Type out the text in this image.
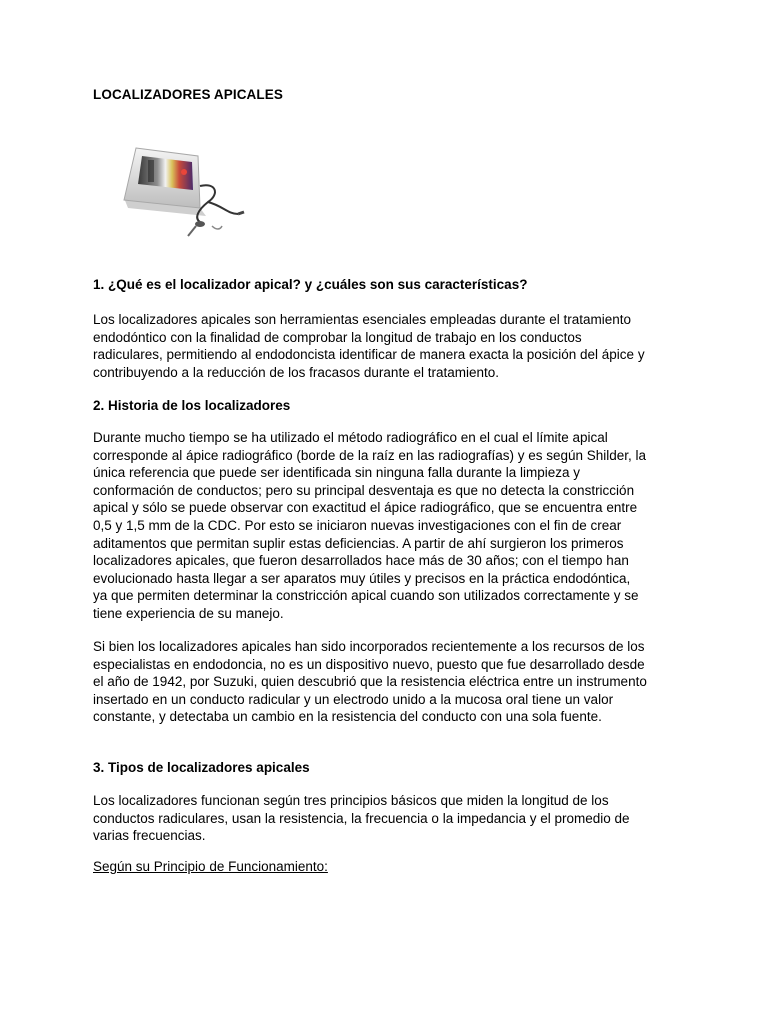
LOCALIZADORES APICALES
1. ¿Qué es el localizador apical? y ¿cuáles son sus características?

Los localizadores apicales son herramientas esenciales empleadas durante el tratamiento
endodóntico con la finalidad de comprobar la longitud de trabajo en los conductos
radiculares, permitiendo al endodoncista identificar de manera exacta la posición del ápice y
contribuyendo a la reducción de los fracasos durante el tratamiento.

2. Historia de los localizadores

Durante mucho tiempo se ha utilizado el método radiográfico en el cual el límite apical
corresponde al ápice radiográfico (borde de la raíz en las radiografías) y es según Shilder, la
única referencia que puede ser identificada sin ninguna falla durante la limpieza y
conformación de conductos; pero su principal desventaja es que no detecta la constricción
apical y sólo se puede observar con exactitud el ápice radiográfico, que se encuentra entre
0,5 y 1,5 mm de la CDC. Por esto se iniciaron nuevas investigaciones con el fin de crear
aditamentos que permitan suplir estas deficiencias. A partir de ahí surgieron los primeros
localizadores apicales, que fueron desarrollados hace más de 30 años; con el tiempo han
evolucionado hasta llegar a ser aparatos muy útiles y precisos en la práctica endodóntica,
ya que permiten determinar la constricción apical cuando son utilizados correctamente y se
tiene experiencia de su manejo.

Si bien los localizadores apicales han sido incorporados recientemente a los recursos de los
especialistas en endodoncia, no es un dispositivo nuevo, puesto que fue desarrollado desde
el año de 1942, por Suzuki, quien descubrió que la resistencia eléctrica entre un instrumento
insertado en un conducto radicular y un electrodo unido a la mucosa oral tiene un valor
constante, y detectaba un cambio en la resistencia del conducto con una sola fuente.

3. Tipos de localizadores apicales

Los localizadores funcionan según tres principios básicos que miden la longitud de los
conductos radiculares, usan la resistencia, la frecuencia o la impedancia y el promedio de
varias frecuencias.

Según su Principio de Funcionamiento:
